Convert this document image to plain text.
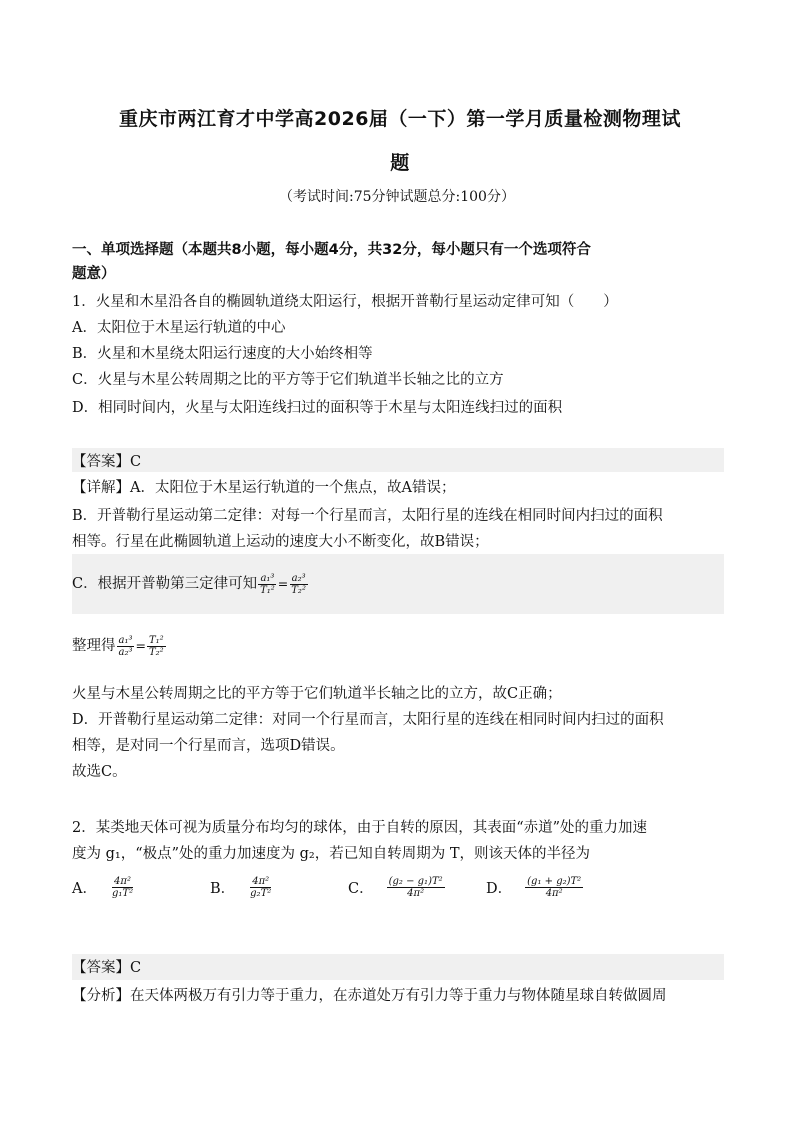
重庆市两江育才中学高2026届（一下）第一学月质量检测物理试
题
（考试时间:75分钟试题总分:100分）
一、单项选择题（本题共8小题，每小题4分，共32分，每小题只有一个选项符合
题意）
1．火星和木星沿各自的椭圆轨道绕太阳运行，根据开普勒行星运动定律可知（　　）
A．太阳位于木星运行轨道的中心
B．火星和木星绕太阳运行速度的大小始终相等
C．火星与木星公转周期之比的平方等于它们轨道半长轴之比的立方
D．相同时间内，火星与太阳连线扫过的面积等于木星与太阳连线扫过的面积
【答案】C
【详解】A．太阳位于木星运行轨道的一个焦点，故A错误；
B．开普勒行星运动第二定律：对每一个行星而言，太阳行星的连线在相同时间内扫过的面积
相等。行星在此椭圆轨道上运动的速度大小不断变化，故B错误；
C．根据开普勒第三定律可知 $\frac{\text{a₁³}}{\text{T₁²}} = \frac{\text{a₂³}}{\text{T₂²}}$
整理得 $\frac{\text{a₁³}}{\text{a₂³}} = \frac{\text{T₁²}}{\text{T₂²}}$
火星与木星公转周期之比的平方等于它们轨道半长轴之比的立方，故C正确；
D．开普勒行星运动第二定律：对同一个行星而言，太阳行星的连线在相同时间内扫过的面积
相等，是对同一个行星而言，选项D错误。
故选C。
2．某类地天体可视为质量分布均匀的球体，由于自转的原因，其表面“赤道”处的重力加速
度为 g₁，“极点”处的重力加速度为 g₂，若已知自转周期为 T，则该天体的半径为
A． $\frac{\text{4π²}}{\text{g₁T²}}$	B． $\frac{\text{4π²}}{\text{g₂T²}}$	C． $\frac{\text{(g₂ − g₁)T²}}{\text{4π²}}$	D． $\frac{\text{(g₁ + g₂)T²}}{\text{4π²}}$
【答案】C
【分析】在天体两极万有引力等于重力，在赤道处万有引力等于重力与物体随星球自转做圆周
